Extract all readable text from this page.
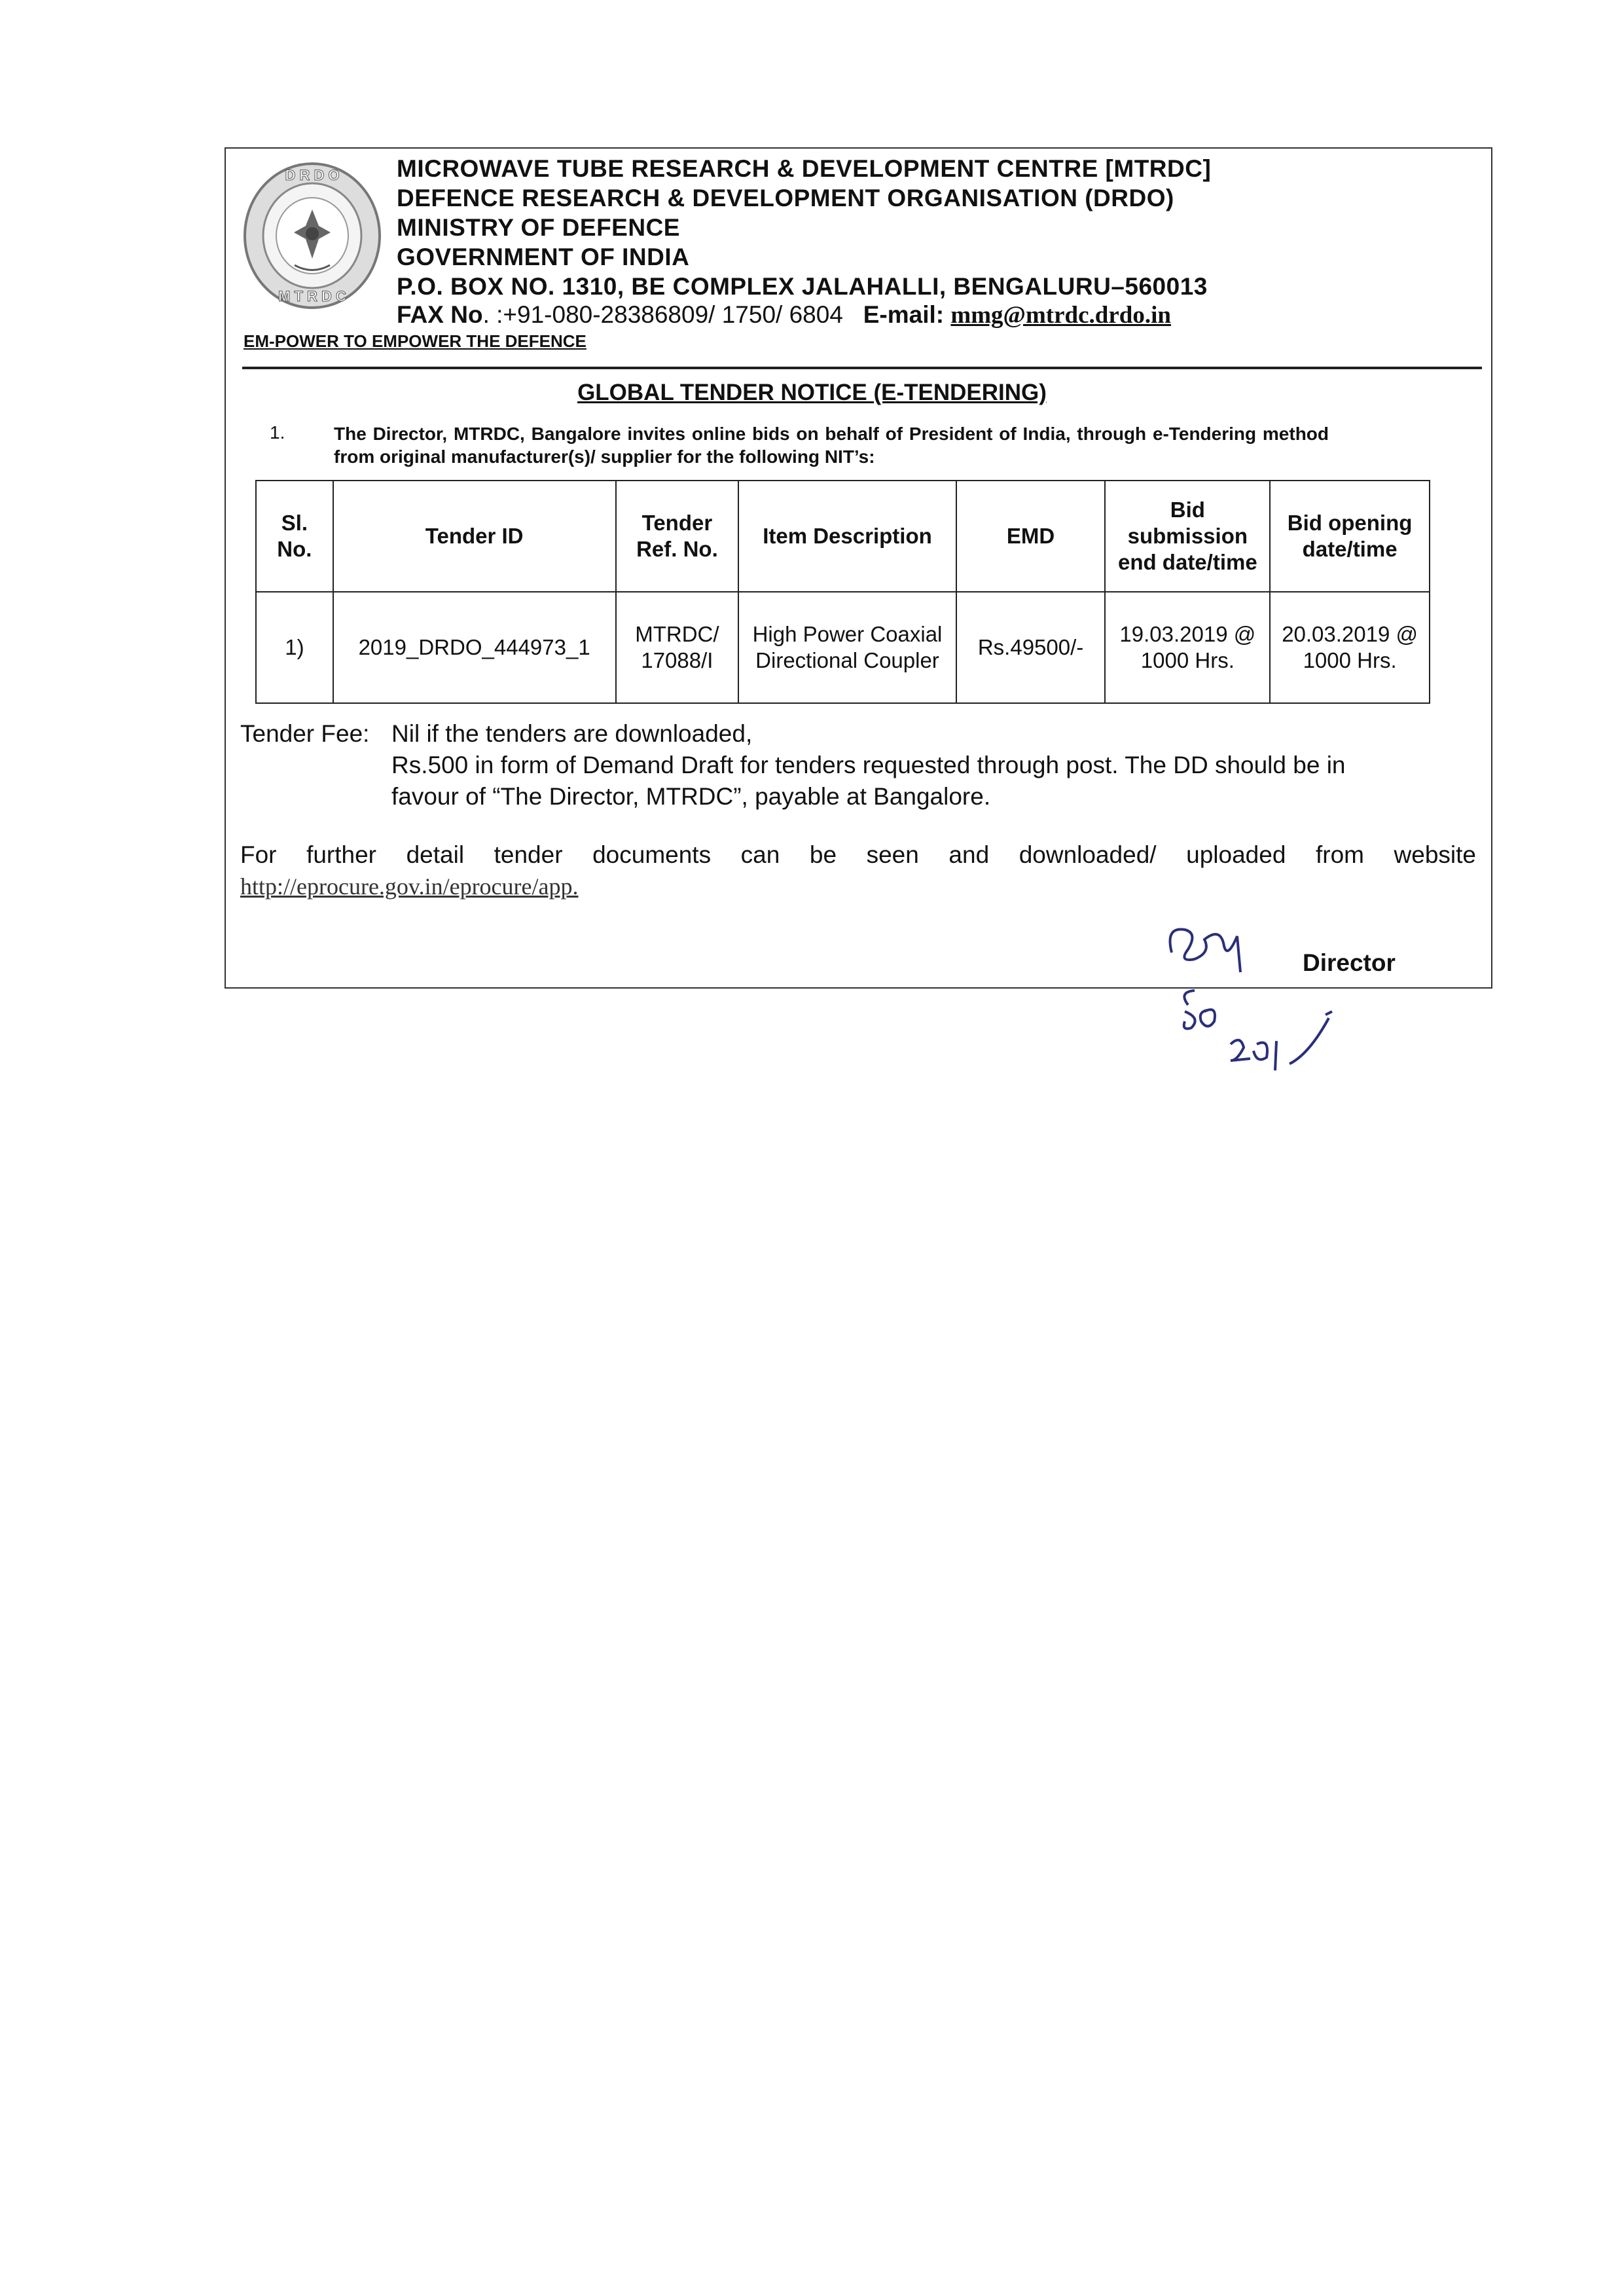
D R D O
M T R D C
MICROWAVE TUBE RESEARCH & DEVELOPMENT CENTRE [MTRDC]
DEFENCE RESEARCH & DEVELOPMENT ORGANISATION (DRDO)
MINISTRY OF DEFENCE
GOVERNMENT OF INDIA
P.O. BOX NO. 1310, BE COMPLEX JALAHALLI, BENGALURU–560013
FAX No. :+91-080-28386809/ 1750/ 6804 E-mail: mmg@mtrdc.drdo.in
EM-POWER TO EMPOWER THE DEFENCE
GLOBAL TENDER NOTICE (E-TENDERING)
1.	The Director, MTRDC, Bangalore invites online bids on behalf of President of India, through e-Tendering method from original manufacturer(s)/ supplier for the following NIT’s:
Sl. No.	Tender ID	Tender Ref. No.	Item Description	EMD	Bid submission end date/time	Bid opening date/time
1)	2019_DRDO_444973_1	MTRDC/ 17088/I	High Power Coaxial Directional Coupler	Rs.49500/-	19.03.2019 @ 1000 Hrs.	20.03.2019 @ 1000 Hrs.
Tender Fee: Nil if the tenders are downloaded,
Rs.500 in form of Demand Draft for tenders requested through post. The DD should be in
favour of “The Director, MTRDC”, payable at Bangalore.
For further detail tender documents can be seen and downloaded/ uploaded from website
http://eprocure.gov.in/eprocure/app.
Director
